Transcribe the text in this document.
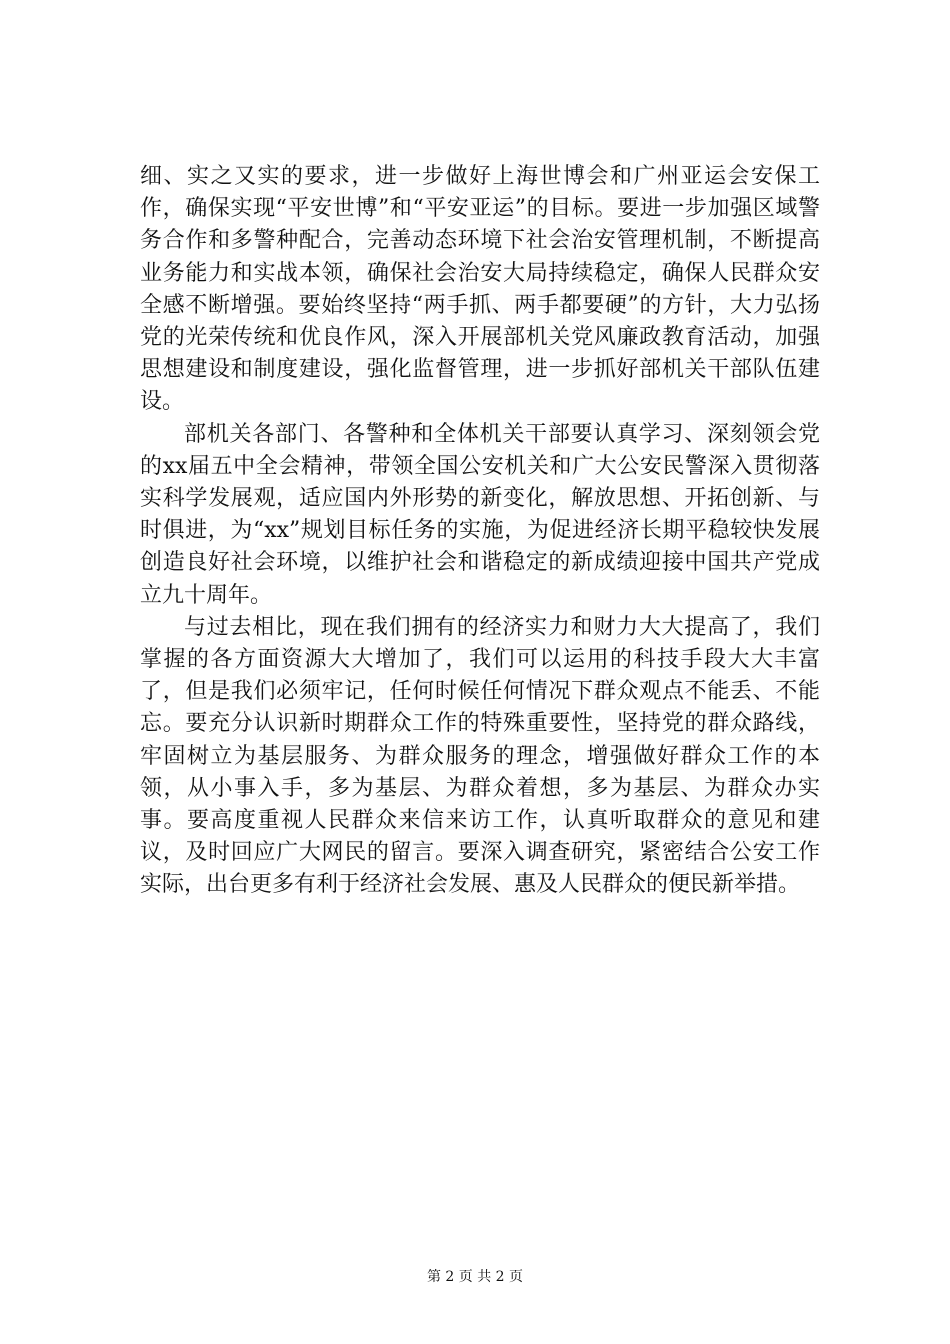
细、实之又实的要求，进一步做好上海世博会和广州亚运会安保工作，确保实现“平安世博”和“平安亚运”的目标。要进一步加强区域警务合作和多警种配合，完善动态环境下社会治安管理机制，不断提高业务能力和实战本领，确保社会治安大局持续稳定，确保人民群众安全感不断增强。要始终坚持“两手抓、两手都要硬”的方针，大力弘扬党的光荣传统和优良作风，深入开展部机关党风廉政教育活动，加强思想建设和制度建设，强化监督管理，进一步抓好部机关干部队伍建设。

部机关各部门、各警种和全体机关干部要认真学习、深刻领会党的xx届五中全会精神，带领全国公安机关和广大公安民警深入贯彻落实科学发展观，适应国内外形势的新变化，解放思想、开拓创新、与时俱进，为“xx”规划目标任务的实施，为促进经济长期平稳较快发展创造良好社会环境，以维护社会和谐稳定的新成绩迎接中国共产党成立九十周年。

与过去相比，现在我们拥有的经济实力和财力大大提高了，我们掌握的各方面资源大大增加了，我们可以运用的科技手段大大丰富了，但是我们必须牢记，任何时候任何情况下群众观点不能丢、不能忘。要充分认识新时期群众工作的特殊重要性，坚持党的群众路线，牢固树立为基层服务、为群众服务的理念，增强做好群众工作的本领，从小事入手，多为基层、为群众着想，多为基层、为群众办实事。要高度重视人民群众来信来访工作，认真听取群众的意见和建议，及时回应广大网民的留言。要深入调查研究，紧密结合公安工作实际，出台更多有利于经济社会发展、惠及人民群众的便民新举措。

第 2 页 共 2 页
